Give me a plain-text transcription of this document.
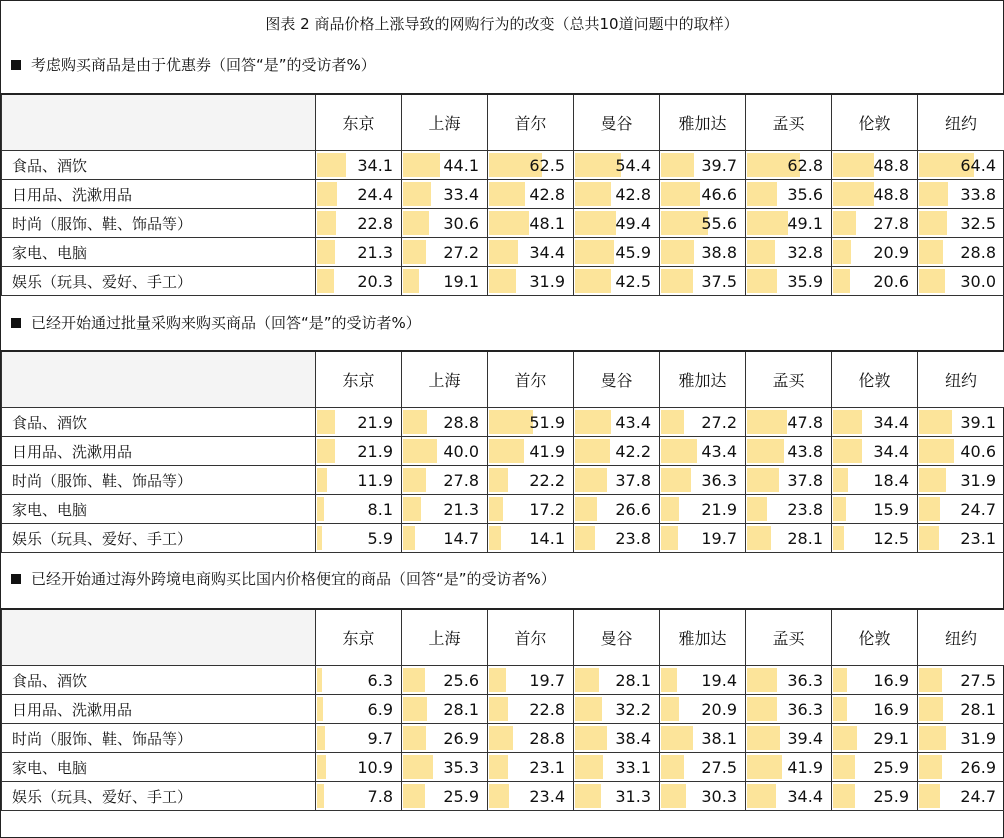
图表 2 商品价格上涨导致的网购行为的改变（总共10道问题中的取样）
考虑购买商品是由于优惠券（回答“是”的受访者%）
	东京	上海	首尔	曼谷	雅加达	孟买	伦敦	纽约
食品、酒饮	34.1	44.1	62.5	54.4	39.7	62.8	48.8	64.4
日用品、洗漱用品	24.4	33.4	42.8	42.8	46.6	35.6	48.8	33.8
时尚（服饰、鞋、饰品等）	22.8	30.6	48.1	49.4	55.6	49.1	27.8	32.5
家电、电脑	21.3	27.2	34.4	45.9	38.8	32.8	20.9	28.8
娱乐（玩具、爱好、手工）	20.3	19.1	31.9	42.5	37.5	35.9	20.6	30.0
已经开始通过批量采购来购买商品（回答“是”的受访者%）
	东京	上海	首尔	曼谷	雅加达	孟买	伦敦	纽约
食品、酒饮	21.9	28.8	51.9	43.4	27.2	47.8	34.4	39.1
日用品、洗漱用品	21.9	40.0	41.9	42.2	43.4	43.8	34.4	40.6
时尚（服饰、鞋、饰品等）	11.9	27.8	22.2	37.8	36.3	37.8	18.4	31.9
家电、电脑	8.1	21.3	17.2	26.6	21.9	23.8	15.9	24.7
娱乐（玩具、爱好、手工）	5.9	14.7	14.1	23.8	19.7	28.1	12.5	23.1
已经开始通过海外跨境电商购买比国内价格便宜的商品（回答“是”的受访者%）
	东京	上海	首尔	曼谷	雅加达	孟买	伦敦	纽约
食品、酒饮	6.3	25.6	19.7	28.1	19.4	36.3	16.9	27.5
日用品、洗漱用品	6.9	28.1	22.8	32.2	20.9	36.3	16.9	28.1
时尚（服饰、鞋、饰品等）	9.7	26.9	28.8	38.4	38.1	39.4	29.1	31.9
家电、电脑	10.9	35.3	23.1	33.1	27.5	41.9	25.9	26.9
娱乐（玩具、爱好、手工）	7.8	25.9	23.4	31.3	30.3	34.4	25.9	24.7
